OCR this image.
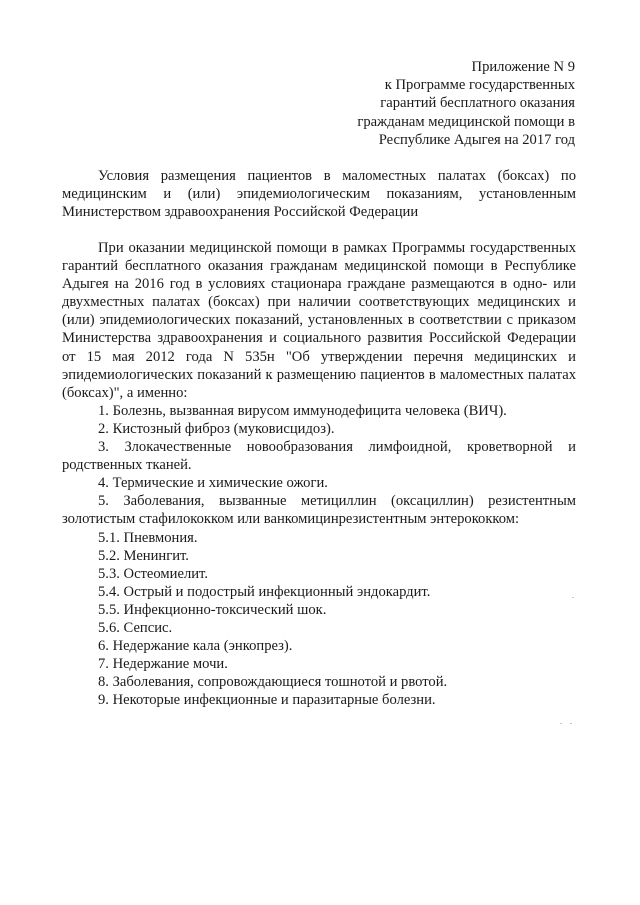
Приложение N 9
к Программе государственных
гарантий бесплатного оказания
гражданам медицинской помощи в
Республике Адыгея на 2017 год
Условия размещения пациентов в маломестных палатах (боксах) по медицинским и (или) эпидемиологическим показаниям, установленным Министерством здравоохранения Российской Федерации

При оказании медицинской помощи в рамках Программы государственных гарантий бесплатного оказания гражданам медицинской помощи в Республике Адыгея на 2016 год в условиях стационара граждане размещаются в одно- или двухместных палатах (боксах) при наличии соответствующих медицинских и (или) эпидемиологических показаний, установленных в соответствии с приказом Министерства здравоохранения и социального развития Российской Федерации от 15 мая 2012 года N 535н "Об утверждении перечня медицинских и эпидемиологических показаний к размещению пациентов в маломестных палатах (боксах)", а именно:

1. Болезнь, вызванная вирусом иммунодефицита человека (ВИЧ).

2. Кистозный фиброз (муковисцидоз).

3. Злокачественные новообразования лимфоидной, кроветворной и родственных тканей.

4. Термические и химические ожоги.

5. Заболевания, вызванные метициллин (оксациллин) резистентным золотистым стафилококком или ванкомицинрезистентным энтерококком:

5.1. Пневмония.

5.2. Менингит.

5.3. Остеомиелит.

5.4. Острый и подострый инфекционный эндокардит.

5.5. Инфекционно-токсический шок.

5.6. Сепсис.

6. Недержание кала (энкопрез).

7. Недержание мочи.

8. Заболевания, сопровождающиеся тошнотой и рвотой.

9. Некоторые инфекционные и паразитарные болезни.
